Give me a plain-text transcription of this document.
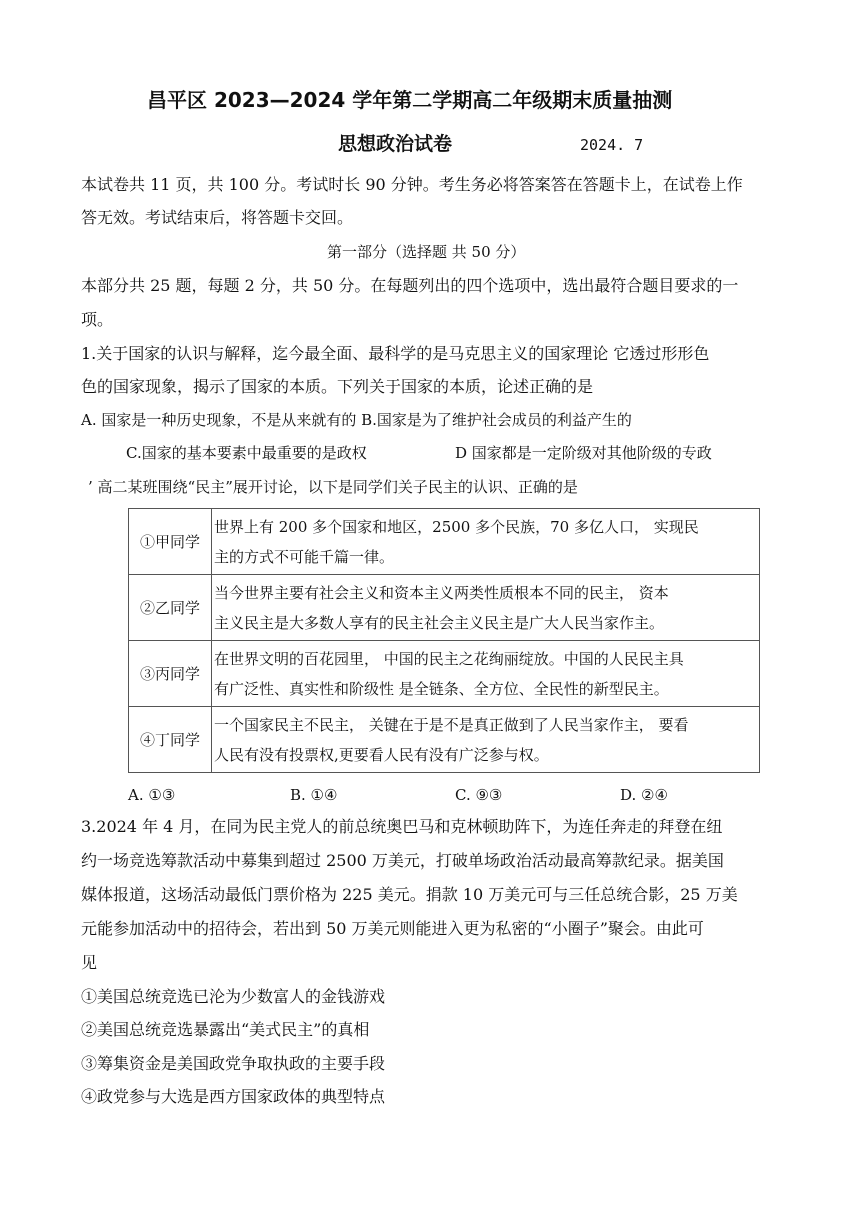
昌平区 2023—2024 学年第二学期高二年级期末质量抽测
思想政治试卷	2024. 7
本试卷共 11 页，共 100 分。考试时长 90 分钟。考生务必将答案答在答题卡上，在试卷上作
答无效。考试结束后，将答题卡交回。
第一部分（选择题 共 50 分）
本部分共 25 题，每题 2 分，共 50 分。在每题列出的四个选项中，选出最符合题目要求的一
项。
1.关于国家的认识与解释，迄今最全面、最科学的是马克思主义的国家理论 它透过形形色
色的国家现象，揭示了国家的本质。下列关于国家的本质，论述正确的是
A. 国家是一种历史现象，不是从来就有的 B.国家是为了维护社会成员的利益产生的
C.国家的基本要素中最重要的是政权	D 国家都是一定阶级对其他阶级的专政
’ 高二某班围绕“民主”展开讨论，以下是同学们关子民主的认识、正确的是
①甲同学	世界上有 200 多个国家和地区，2500 多个民族，70 多亿人口， 实现民
主的方式不可能千篇一律。
②乙同学	当今世界主要有社会主义和资本主义两类性质根本不同的民主， 资本
主义民主是大多数人享有的民主社会主义民主是广大人民当家作主。
③丙同学	在世界文明的百花园里， 中国的民主之花绚丽绽放。中国的人民民主具
有广泛性、真实性和阶级性 是全链条、全方位、全民性的新型民主。
④丁同学	一个国家民主不民主， 关键在于是不是真正做到了人民当家作主， 要看
人民有没有投票权,更要看人民有没有广泛参与权。
A. ①③	B. ①④	C. ⑨③	D. ②④
3.2024 年 4 月，在同为民主党人的前总统奥巴马和克林顿助阵下，为连任奔走的拜登在纽
约一场竞选筹款活动中募集到超过 2500 万美元，打破单场政治活动最高筹款纪录。据美国
媒体报道，这场活动最低门票价格为 225 美元。捐款 10 万美元可与三任总统合影，25 万美
元能参加活动中的招待会，若出到 50 万美元则能进入更为私密的“小圈子”聚会。由此可
见
①美国总统竞选已沦为少数富人的金钱游戏
②美国总统竞选暴露出“美式民主”的真相
③筹集资金是美国政党争取执政的主要手段
④政党参与大选是西方国家政体的典型特点
